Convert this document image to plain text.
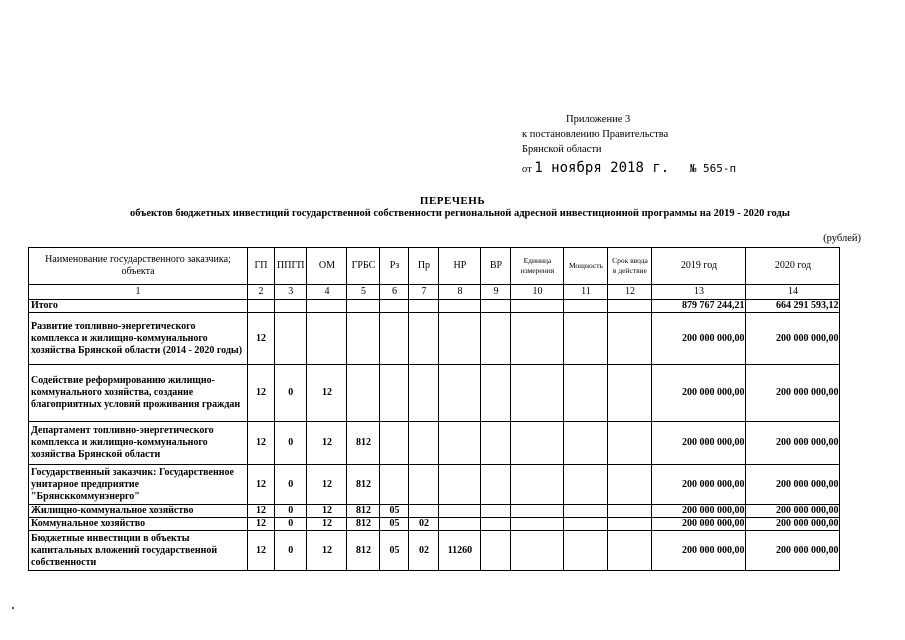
Приложение 3
к постановлению Правительства
Брянской области
от 1 ноября 2018 г. № 565-п
ПЕРЕЧЕНЬ
объектов бюджетных инвестиций государственной собственности региональной адресной инвестиционной программы на 2019 - 2020 годы
(рублей)
Наименование государственного заказчика; объекта	ГП	ППГП	ОМ	ГРБС	Рз	Пр	НР	ВР	Единица измерения	Мощность	Срок ввода в действие	2019 год	2020 год
1	2	3	4	5	6	7	8	9	10	11	12	13	14
Итого												879 767 244,21	664 291 593,12
Развитие топливно-энергетического комплекса и жилищно-коммунального хозяйства Брянской области (2014 - 2020 годы)	12											200 000 000,00	200 000 000,00
Содействие реформированию жилищно-коммунального хозяйства, создание благоприятных условий проживания граждан	12	0	12									200 000 000,00	200 000 000,00
Департамент топливно-энергетического комплекса и жилищно-коммунального хозяйства Брянской области	12	0	12	812								200 000 000,00	200 000 000,00
Государственный заказчик: Государственное унитарное предприятие "Брянсккоммунэнерго"	12	0	12	812								200 000 000,00	200 000 000,00
Жилищно-коммунальное хозяйство	12	0	12	812	05							200 000 000,00	200 000 000,00
Коммунальное хозяйство	12	0	12	812	05	02						200 000 000,00	200 000 000,00
Бюджетные инвестиции в объекты капитальных вложений государственной собственности	12	0	12	812	05	02	11260					200 000 000,00	200 000 000,00
